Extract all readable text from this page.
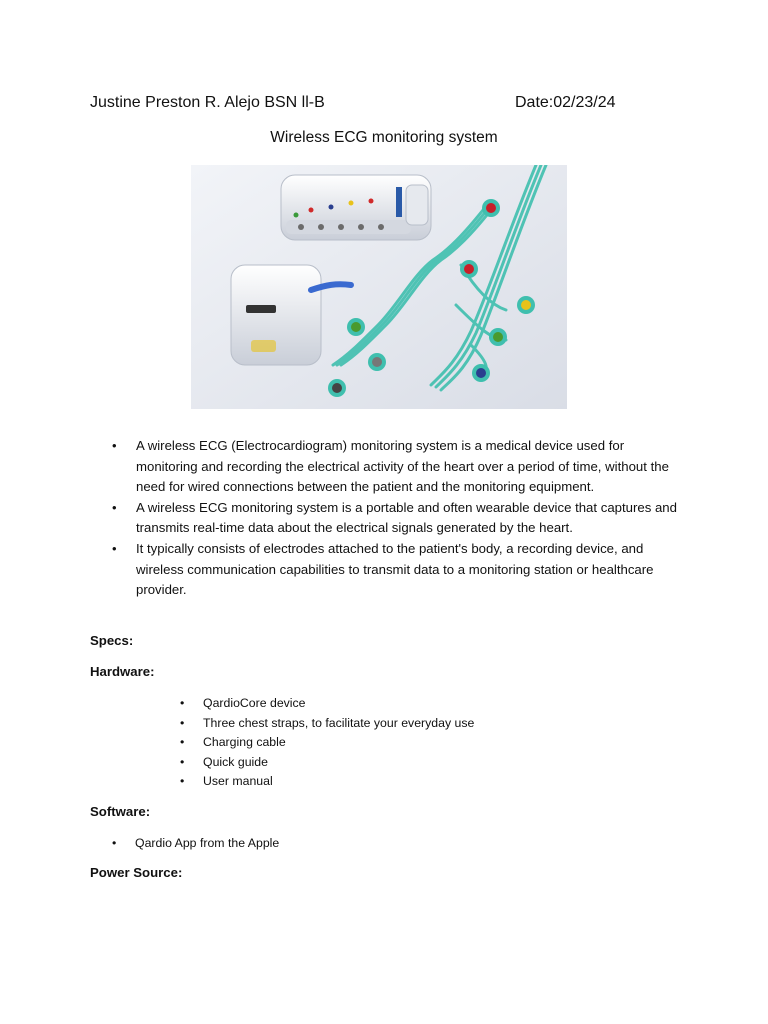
Justine Preston R. Alejo BSN ll-B	Date:02/23/24
Wireless ECG monitoring system
• A wireless ECG (Electrocardiogram) monitoring system is a medical device used for monitoring and recording the electrical activity of the heart over a period of time, without the need for wired connections between the patient and the monitoring equipment.
• A wireless ECG monitoring system is a portable and often wearable device that captures and transmits real-time data about the electrical signals generated by the heart.
• It typically consists of electrodes attached to the patient's body, a recording device, and wireless communication capabilities to transmit data to a monitoring station or healthcare provider.
Specs:
Hardware:
• QardioCore device
• Three chest straps, to facilitate your everyday use
• Charging cable
• Quick guide
• User manual
Software:
• Qardio App from the Apple
Power Source:
